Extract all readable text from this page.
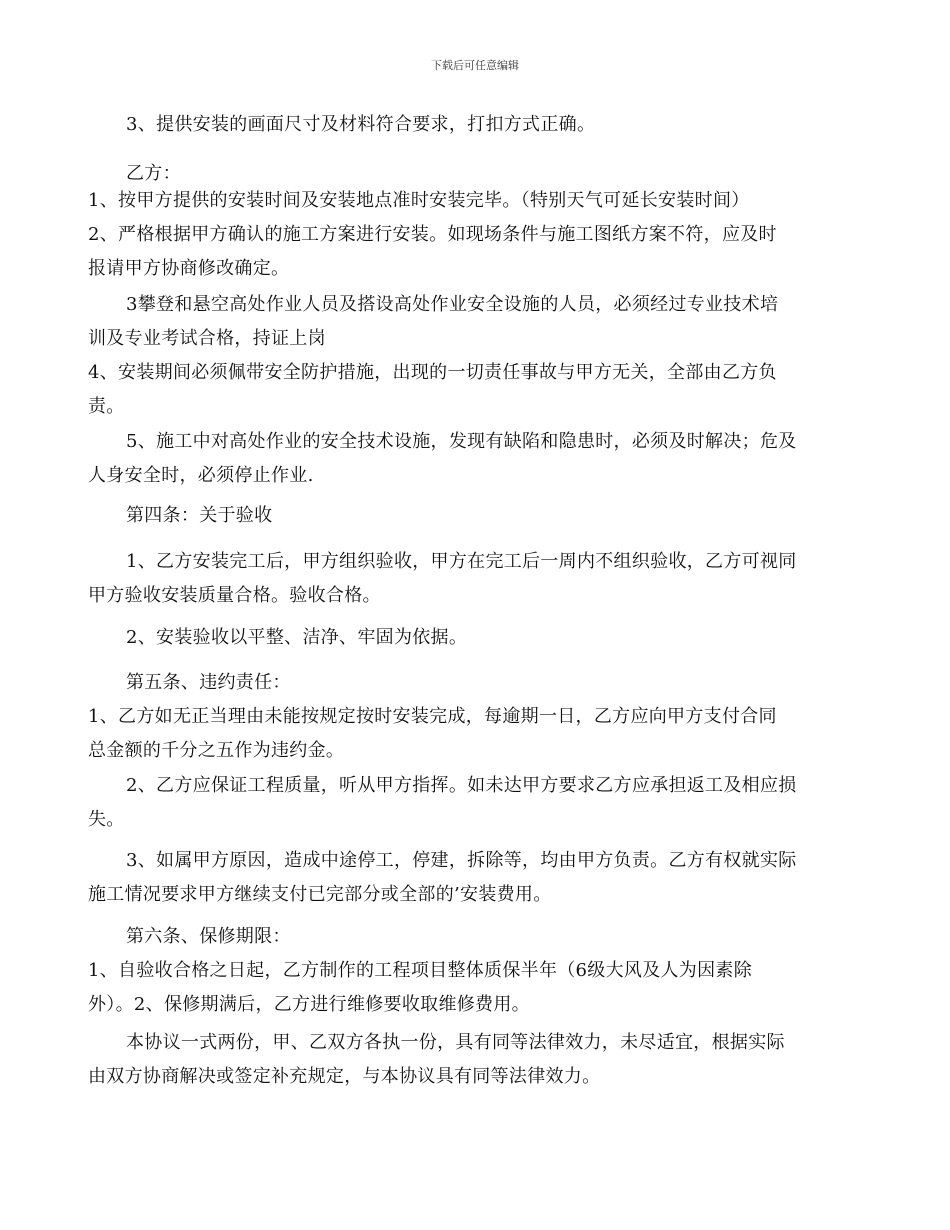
下载后可任意编辑
3、提供安装的画面尺寸及材料符合要求，打扣方式正确。
乙方：
1、按甲方提供的安装时间及安装地点准时安装完毕。（特别天气可延长安装时间）
2、严格根据甲方确认的施工方案进行安装。如现场条件与施工图纸方案不符，应及时
报请甲方协商修改确定。
3攀登和悬空高处作业人员及搭设高处作业安全设施的人员，必须经过专业技术培
训及专业考试合格，持证上岗
4、安装期间必须佩带安全防护措施，出现的一切责任事故与甲方无关，全部由乙方负
责。
5、施工中对高处作业的安全技术设施，发现有缺陷和隐患时，必须及时解决；危及
人身安全时，必须停止作业.
第四条：关于验收
1、乙方安装完工后，甲方组织验收，甲方在完工后一周内不组织验收，乙方可视同
甲方验收安装质量合格。验收合格。
2、安装验收以平整、洁净、牢固为依据。
第五条、违约责任：
1、乙方如无正当理由未能按规定按时安装完成，每逾期一日，乙方应向甲方支付合同
总金额的千分之五作为违约金。
2、乙方应保证工程质量，听从甲方指挥。如未达甲方要求乙方应承担返工及相应损
失。
3、如属甲方原因，造成中途停工，停建，拆除等，均由甲方负责。乙方有权就实际
施工情况要求甲方继续支付已完部分或全部的’安装费用。
第六条、保修期限：
1、自验收合格之日起，乙方制作的工程项目整体质保半年（6级大风及人为因素除
外）。2、保修期满后，乙方进行维修要收取维修费用。
本协议一式两份，甲、乙双方各执一份，具有同等法律效力，未尽适宜，根据实际
由双方协商解决或签定补充规定，与本协议具有同等法律效力。
